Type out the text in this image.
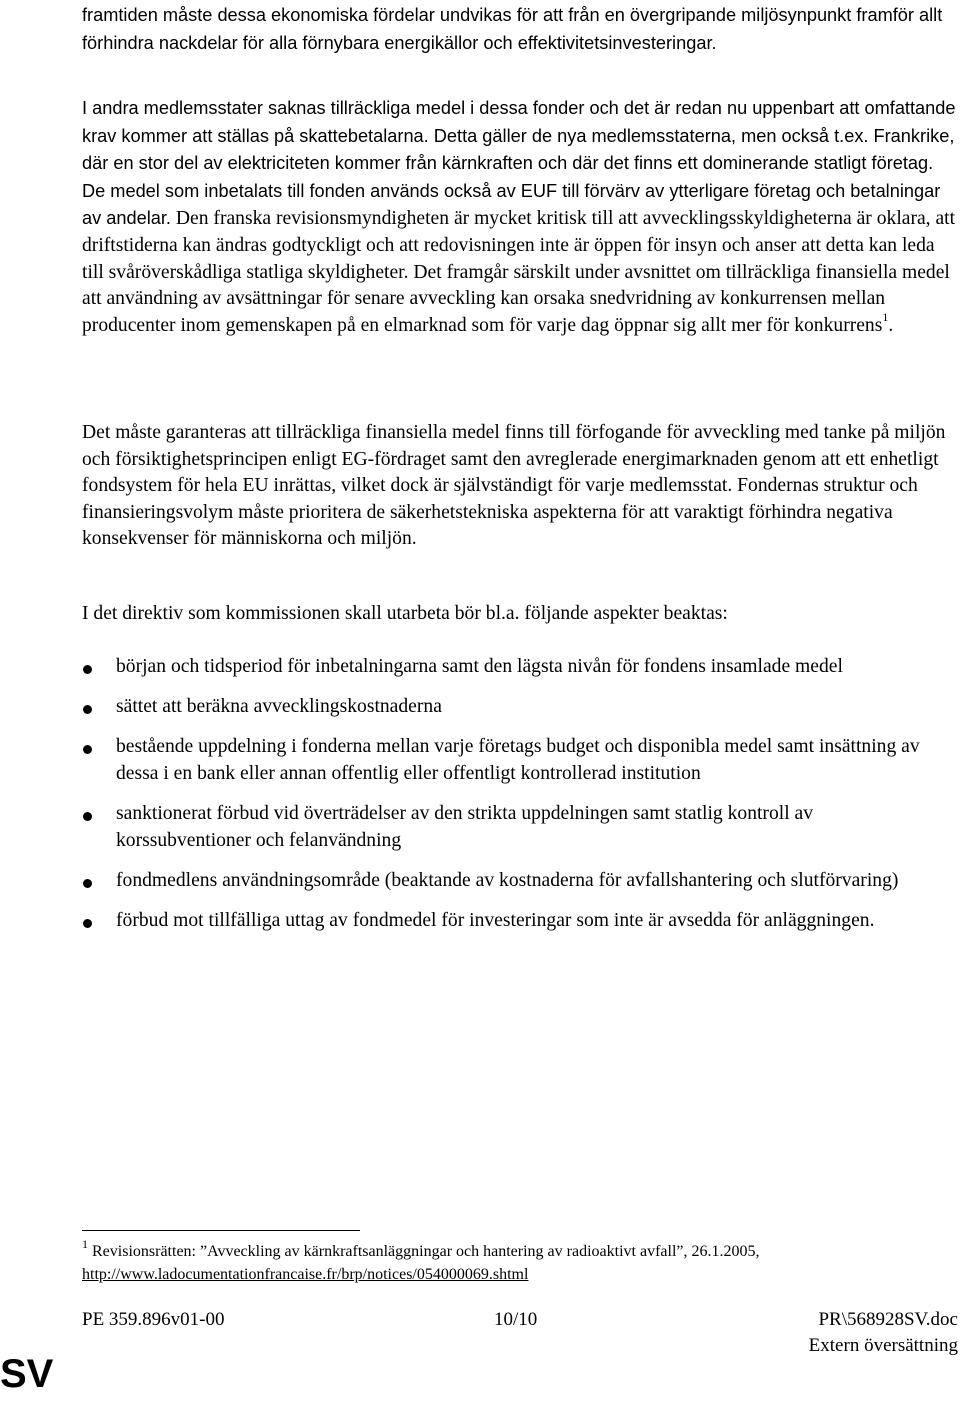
framtiden måste dessa ekonomiska fördelar undvikas för att från en övergripande miljösynpunkt framför allt förhindra nackdelar för alla förnybara energikällor och effektivitetsinvesteringar.
I andra medlemsstater saknas tillräckliga medel i dessa fonder och det är redan nu uppenbart att omfattande krav kommer att ställas på skattebetalarna. Detta gäller de nya medlemsstaterna, men också t.ex. Frankrike, där en stor del av elektriciteten kommer från kärnkraften och där det finns ett dominerande statligt företag. De medel som inbetalats till fonden används också av EUF till förvärv av ytterligare företag och betalningar av andelar. Den franska revisionsmyndigheten är mycket kritisk till att avvecklingsskyldigheterna är oklara, att driftstiderna kan ändras godtyckligt och att redovisningen inte är öppen för insyn och anser att detta kan leda till svåröverskådliga statliga skyldigheter. Det framgår särskilt under avsnittet om tillräckliga finansiella medel att användning av avsättningar för senare avveckling kan orsaka snedvridning av konkurrensen mellan producenter inom gemenskapen på en elmarknad som för varje dag öppnar sig allt mer för konkurrens$^1$.
Det måste garanteras att tillräckliga finansiella medel finns till förfogande för avveckling med tanke på miljön och försiktighetsprincipen enligt EG-fördraget samt den avreglerade energimarknaden genom att ett enhetligt fondsystem för hela EU inrättas, vilket dock är självständigt för varje medlemsstat. Fondernas struktur och finansieringsvolym måste prioritera de säkerhetstekniska aspekterna för att varaktigt förhindra negativa konsekvenser för människorna och miljön.
I det direktiv som kommissionen skall utarbeta bör bl.a. följande aspekter beaktas:
början och tidsperiod för inbetalningarna samt den lägsta nivån för fondens insamlade medel
sättet att beräkna avvecklingskostnaderna
bestående uppdelning i fonderna mellan varje företags budget och disponibla medel samt insättning av dessa i en bank eller annan offentlig eller offentligt kontrollerad institution
sanktionerat förbud vid överträdelser av den strikta uppdelningen samt statlig kontroll av korssubventioner och felanvändning
fondmedlens användningsområde (beaktande av kostnaderna för avfallshantering och slutförvaring)
förbud mot tillfälliga uttag av fondmedel för investeringar som inte är avsedda för anläggningen.
$^1$ Revisionsrätten: ”Avveckling av kärnkraftsanläggningar och hantering av radioaktivt avfall”, 26.1.2005,
http://www.ladocumentationfrancaise.fr/brp/notices/054000069.shtml
PE 359.896v01-00	10/10	PR\568928SV.doc
Extern översättning
SV
